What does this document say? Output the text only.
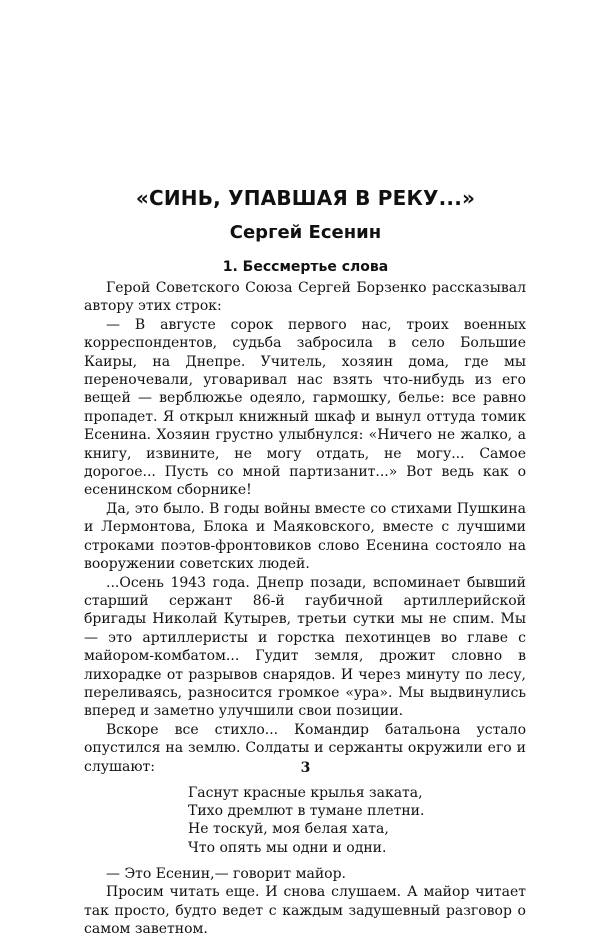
«СИНЬ, УПАВШАЯ В РЕКУ...»
Сергей Есенин
1. Бессмертье слова

Герой Советского Союза Сергей Борзенко рассказывал автору этих строк:

— В августе сорок первого нас, троих военных корреспондентов, судьба забросила в село Большие Каиры, на Днепре. Учитель, хозяин дома, где мы переночевали, уговаривал нас взять что-нибудь из его вещей — верблюжье одеяло, гармошку, белье: все равно пропадет. Я открыл книжный шкаф и вынул оттуда томик Есенина. Хозяин грустно улыбнулся: «Ничего не жалко, а книгу, извините, не могу отдать, не могу... Самое дорогое... Пусть со мной партизанит...» Вот ведь как о есенинском сборнике!

Да, это было. В годы войны вместе со стихами Пушкина и Лермонтова, Блока и Маяковского, вместе с лучшими строками поэтов-фронтовиков слово Есенина состояло на вооружении советских людей.

...Осень 1943 года. Днепр позади, вспоминает бывший старший сержант 86-й гаубичной артиллерийской бригады Николай Кутырев, третьи сутки мы не спим. Мы — это артиллеристы и горстка пехотинцев во главе с майором-комбатом... Гудит земля, дрожит словно в лихорадке от разрывов снарядов. И через минуту по лесу, переливаясь, разносится громкое «ура». Мы выдвинулись вперед и заметно улучшили свои позиции.

Вскоре все стихло... Командир батальона устало опустился на землю. Солдаты и сержанты окружили его и слушают:

Гаснут красные крылья заката,
Тихо дремлют в тумане плетни.
Не тоскуй, моя белая хата,
Что опять мы одни и одни.

— Это Есенин,— говорит майор.

Просим читать еще. И снова слушаем. А майор читает так просто, будто ведет с каждым задушевный разговор о самом заветном.

3
